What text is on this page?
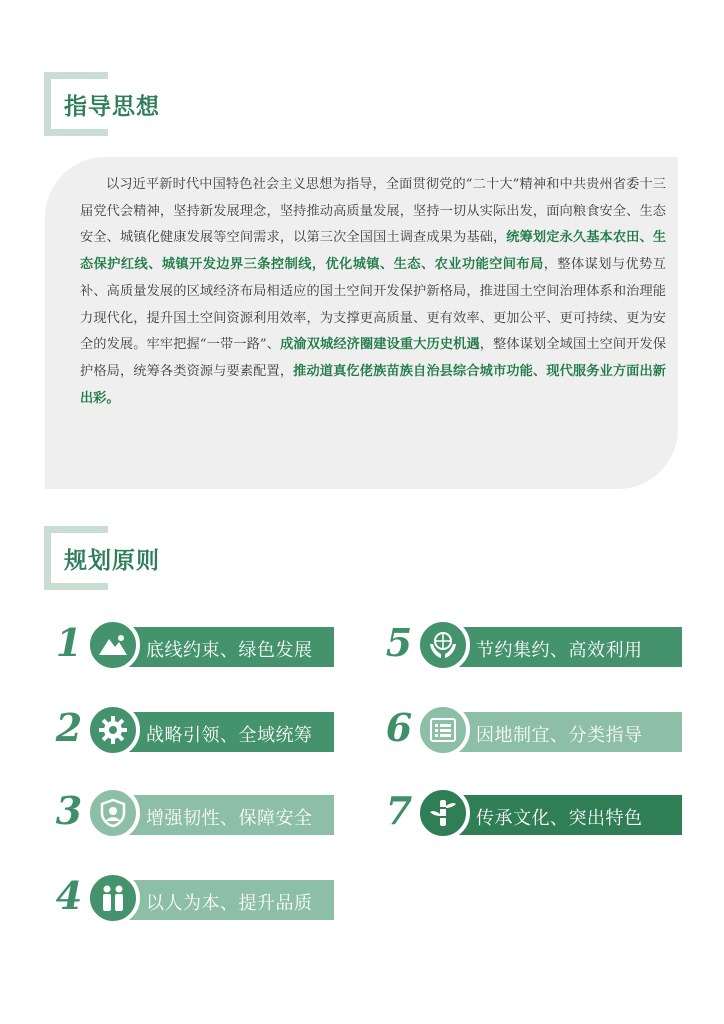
指导思想

以习近平新时代中国特色社会主义思想为指导，全面贯彻党的“二十大”精神和中共贵州省委十三届党代会精神，坚持新发展理念，坚持推动高质量发展，坚持一切从实际出发，面向粮食安全、生态安全、城镇化健康发展等空间需求，以第三次全国国土调查成果为基础，统筹划定永久基本农田、生态保护红线、城镇开发边界三条控制线，优化城镇、生态、农业功能空间布局，整体谋划与优势互补、高质量发展的区域经济布局相适应的国土空间开发保护新格局，推进国土空间治理体系和治理能力现代化，提升国土空间资源利用效率，为支撑更高质量、更有效率、更加公平、更可持续、更为安全的发展。牢牢把握“一带一路”、成渝双城经济圈建设重大历史机遇，整体谋划全域国土空间开发保护格局，统筹各类资源与要素配置，推动道真仡佬族苗族自治县综合城市功能、现代服务业方面出新出彩。

规划原则
1	底线约束、绿色发展
2	战略引领、全域统筹
3	增强韧性、保障安全
4	以人为本、提升品质
5	节约集约、高效利用
6	因地制宜、分类指导
7	传承文化、突出特色
